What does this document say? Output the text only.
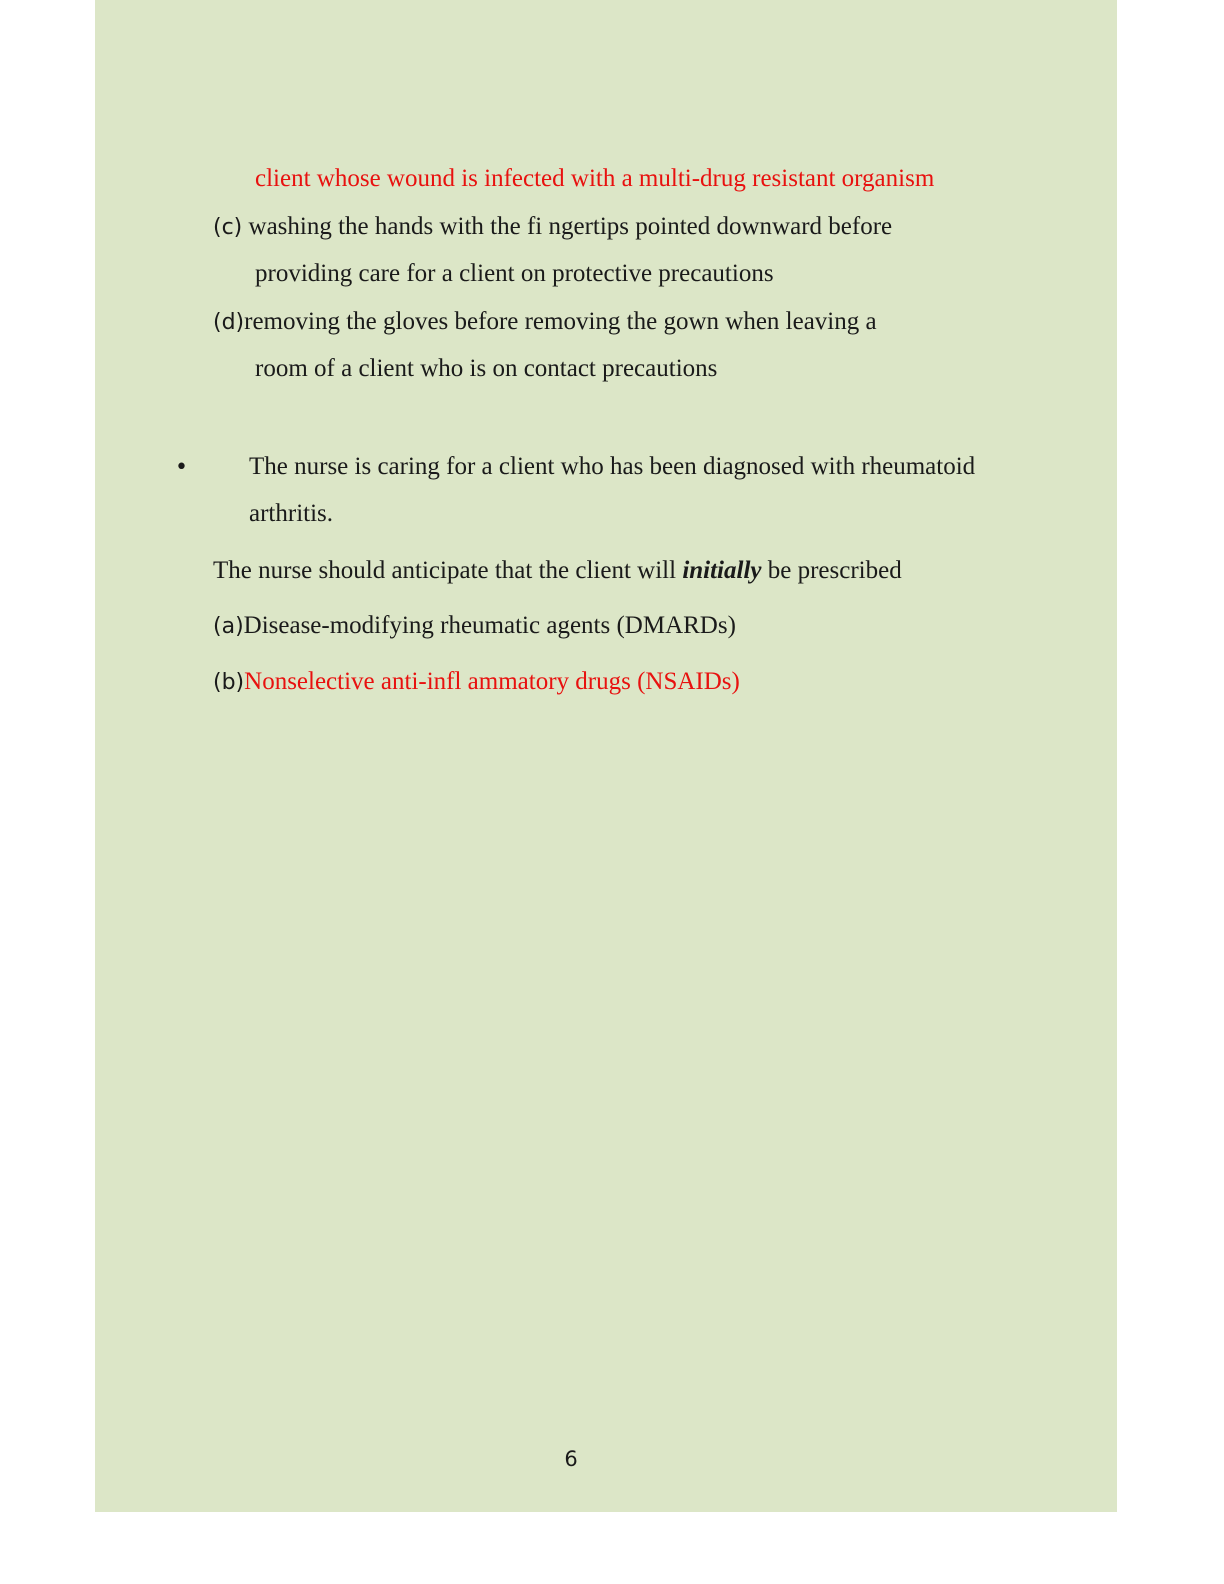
client whose wound is infected with a multi-drug resistant organism
(c) washing the hands with the fi ngertips pointed downward before
providing care for a client on protective precautions
(d)removing the gloves before removing the gown when leaving a
room of a client who is on contact precautions
• The nurse is caring for a client who has been diagnosed with rheumatoid
arthritis.
The nurse should anticipate that the client will initially be prescribed
(a)Disease-modifying rheumatic agents (DMARDs)
(b)Nonselective anti-infl ammatory drugs (NSAIDs)
6
